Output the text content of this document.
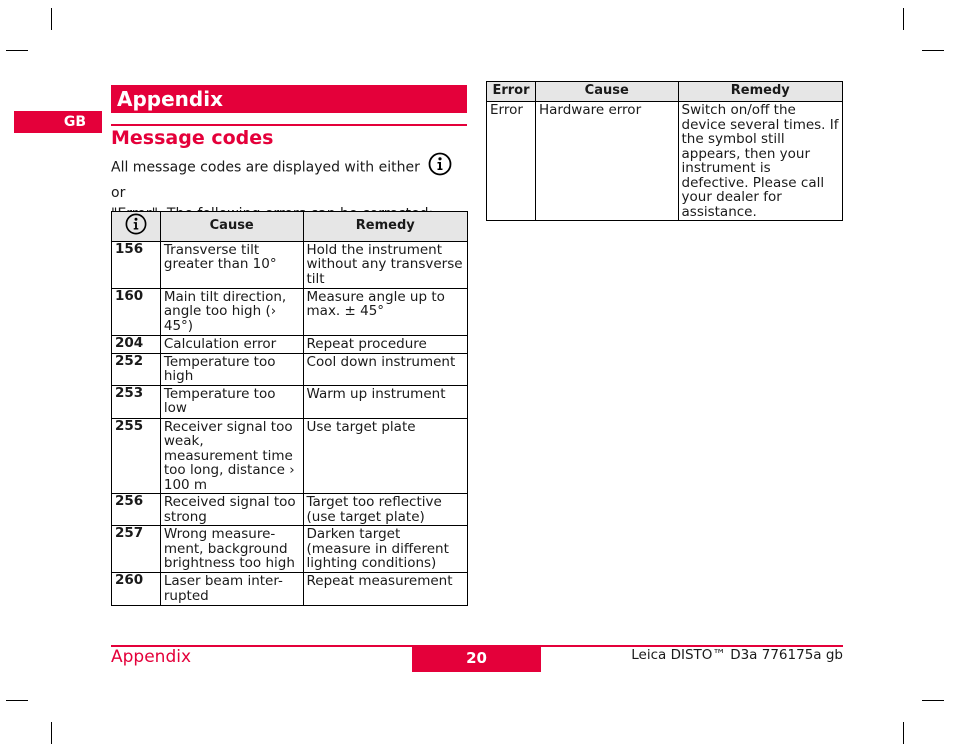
GB
Appendix
Message codes
All message codes are displayed with either  or

	Cause	Remedy
156	Transverse tilt greater than 10°	Hold the instrument without any transverse tilt
160	Main tilt direction, angle too high (› 45°)	Measure angle up to max. ± 45°
204	Calculation error	Repeat procedure
252	Temperature too high	Cool down instrument
253	Temperature too low	Warm up instrument
255	Receiver signal too weak, measurement time too long, distance › 100 m	Use target plate
256	Received signal too strong	Target too reflective (use target plate)
257	Wrong measure-ment, background brightness too high	Darken target (measure in different lighting conditions)
260	Laser beam inter-rupted	Repeat measurement
Error	Cause	Remedy
Error	Hardware error	Switch on/off the device several times. If the symbol still appears, then your instrument is defective. Please call your dealer for assistance.
Appendix	20	Leica DISTO™ D3a 776175a gb
